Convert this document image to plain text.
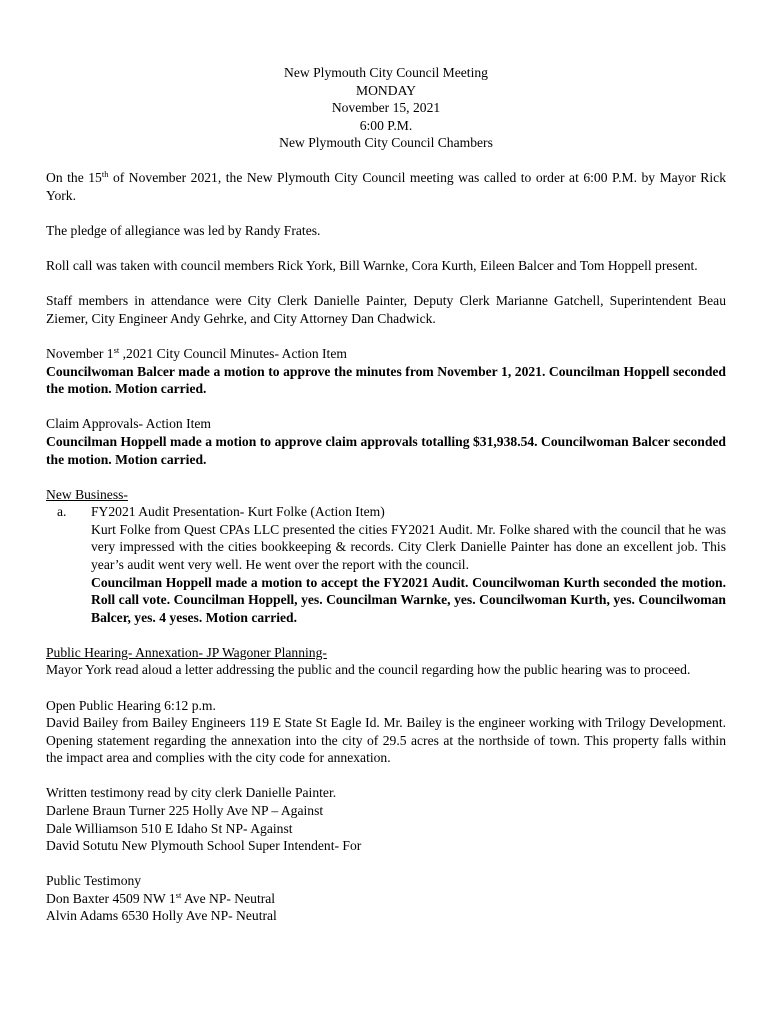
New Plymouth City Council Meeting
MONDAY
November 15, 2021
6:00 P.M.
New Plymouth City Council Chambers

On the 15th of November 2021, the New Plymouth City Council meeting was called to order at 6:00 P.M. by Mayor Rick York.

The pledge of allegiance was led by Randy Frates.

Roll call was taken with council members Rick York, Bill Warnke, Cora Kurth, Eileen Balcer and Tom Hoppell present.

Staff members in attendance were City Clerk Danielle Painter, Deputy Clerk Marianne Gatchell, Superintendent Beau Ziemer, City Engineer Andy Gehrke, and City Attorney Dan Chadwick.

November 1st ,2021 City Council Minutes- Action Item

Councilwoman Balcer made a motion to approve the minutes from November 1, 2021. Councilman Hoppell seconded the motion. Motion carried.

Claim Approvals- Action Item

Councilman Hoppell made a motion to approve claim approvals totalling $31,938.54. Councilwoman Balcer seconded the motion. Motion carried.

New Business-

a. FY2021 Audit Presentation- Kurt Folke (Action Item)

Kurt Folke from Quest CPAs LLC presented the cities FY2021 Audit. Mr. Folke shared with the council that he was very impressed with the cities bookkeeping & records. City Clerk Danielle Painter has done an excellent job. This year’s audit went very well. He went over the report with the council.

Councilman Hoppell made a motion to accept the FY2021 Audit. Councilwoman Kurth seconded the motion. Roll call vote. Councilman Hoppell, yes. Councilman Warnke, yes. Councilwoman Kurth, yes. Councilwoman Balcer, yes. 4 yeses. Motion carried.

Public Hearing- Annexation- JP Wagoner Planning-

Mayor York read aloud a letter addressing the public and the council regarding how the public hearing was to proceed.

Open Public Hearing 6:12 p.m.

David Bailey from Bailey Engineers 119 E State St Eagle Id. Mr. Bailey is the engineer working with Trilogy Development. Opening statement regarding the annexation into the city of 29.5 acres at the northside of town. This property falls within the impact area and complies with the city code for annexation.

Written testimony read by city clerk Danielle Painter.

Darlene Braun Turner 225 Holly Ave NP – Against

Dale Williamson 510 E Idaho St NP- Against

David Sotutu New Plymouth School Super Intendent- For

Public Testimony

Don Baxter 4509 NW 1st Ave NP- Neutral

Alvin Adams 6530 Holly Ave NP- Neutral
